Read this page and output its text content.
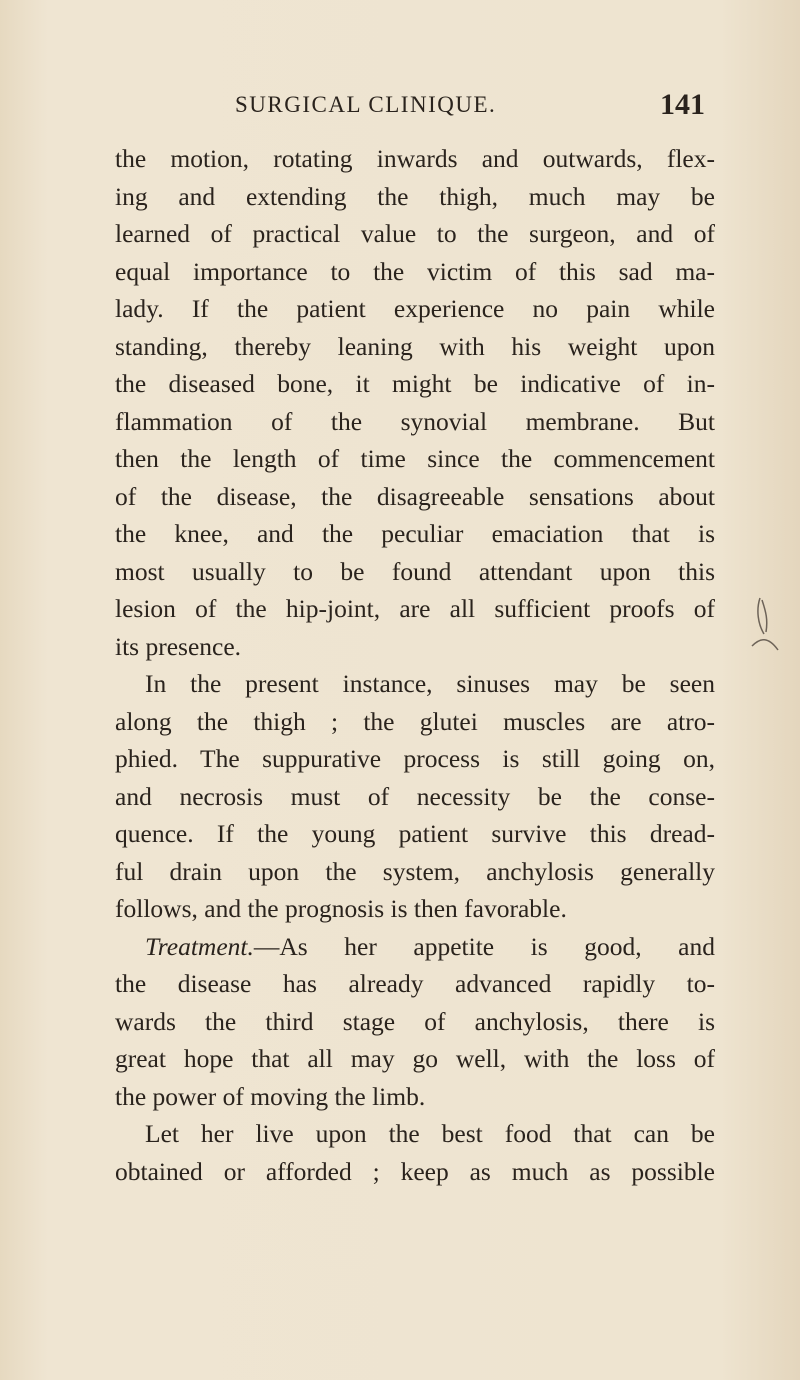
SURGICAL CLINIQUE.	141
the motion, rotating inwards and outwards, flex-
ing and extending the thigh, much may be
learned of practical value to the surgeon, and of
equal importance to the victim of this sad ma-
lady. If the patient experience no pain while
standing, thereby leaning with his weight upon
the diseased bone, it might be indicative of in-
flammation of the synovial membrane. But
then the length of time since the commencement
of the disease, the disagreeable sensations about
the knee, and the peculiar emaciation that is
most usually to be found attendant upon this
lesion of the hip-joint, are all sufficient proofs of
its presence.
In the present instance, sinuses may be seen
along the thigh ; the glutei muscles are atro-
phied. The suppurative process is still going on,
and necrosis must of necessity be the conse-
quence. If the young patient survive this dread-
ful drain upon the system, anchylosis generally
follows, and the prognosis is then favorable.
Treatment.—As her appetite is good, and
the disease has already advanced rapidly to-
wards the third stage of anchylosis, there is
great hope that all may go well, with the loss of
the power of moving the limb.
Let her live upon the best food that can be
obtained or afforded ; keep as much as possible
